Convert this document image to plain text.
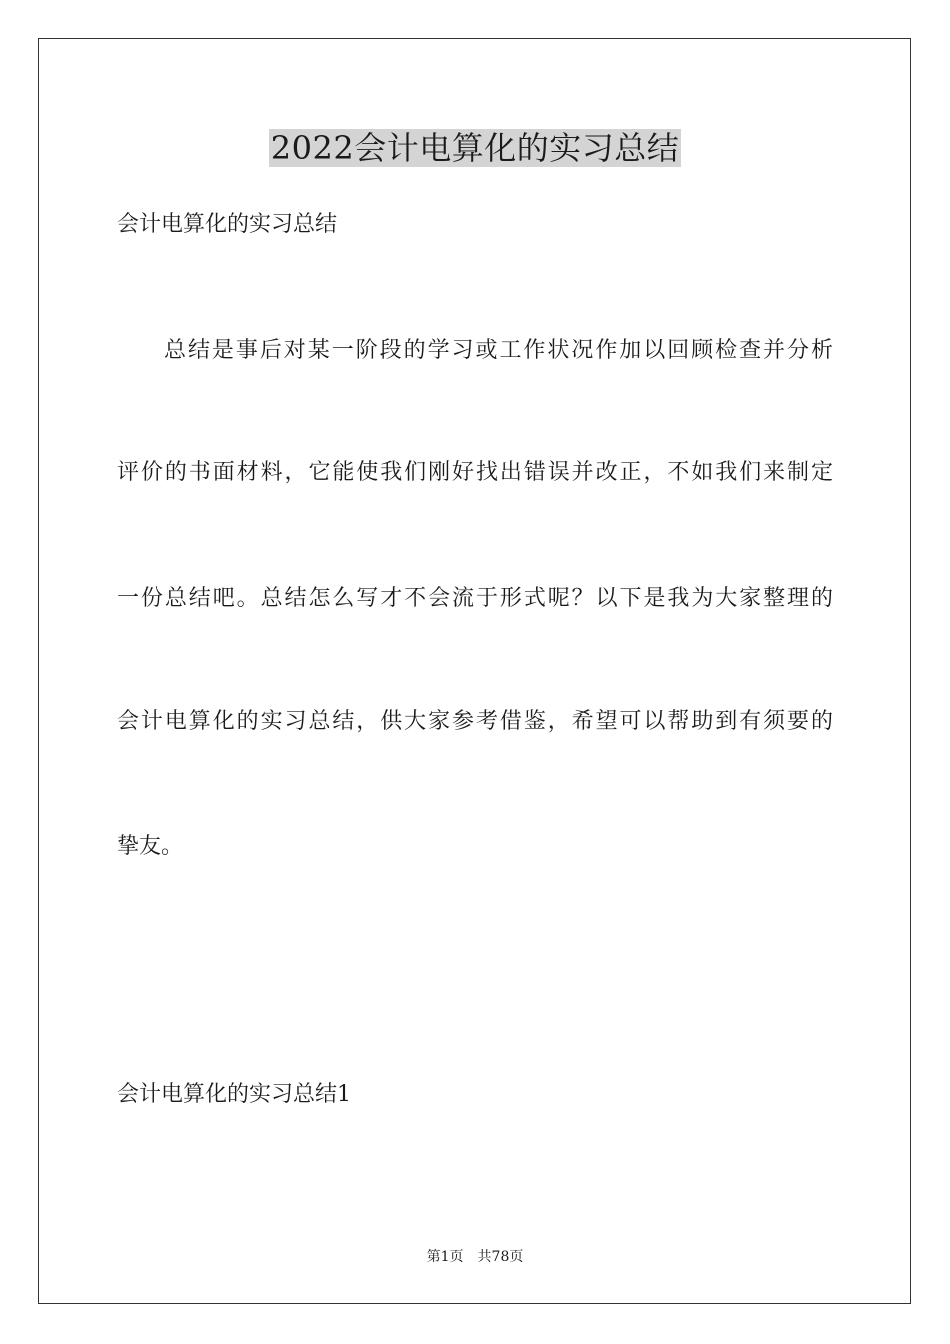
2022会计电算化的实习总结
会计电算化的实习总结
总结是事后对某一阶段的学习或工作状况作加以回顾检查并分析
评价的书面材料，它能使我们刚好找出错误并改正，不如我们来制定
一份总结吧。总结怎么写才不会流于形式呢？以下是我为大家整理的
会计电算化的实习总结，供大家参考借鉴，希望可以帮助到有须要的
挚友。
会计电算化的实习总结1
第1页 共78页
